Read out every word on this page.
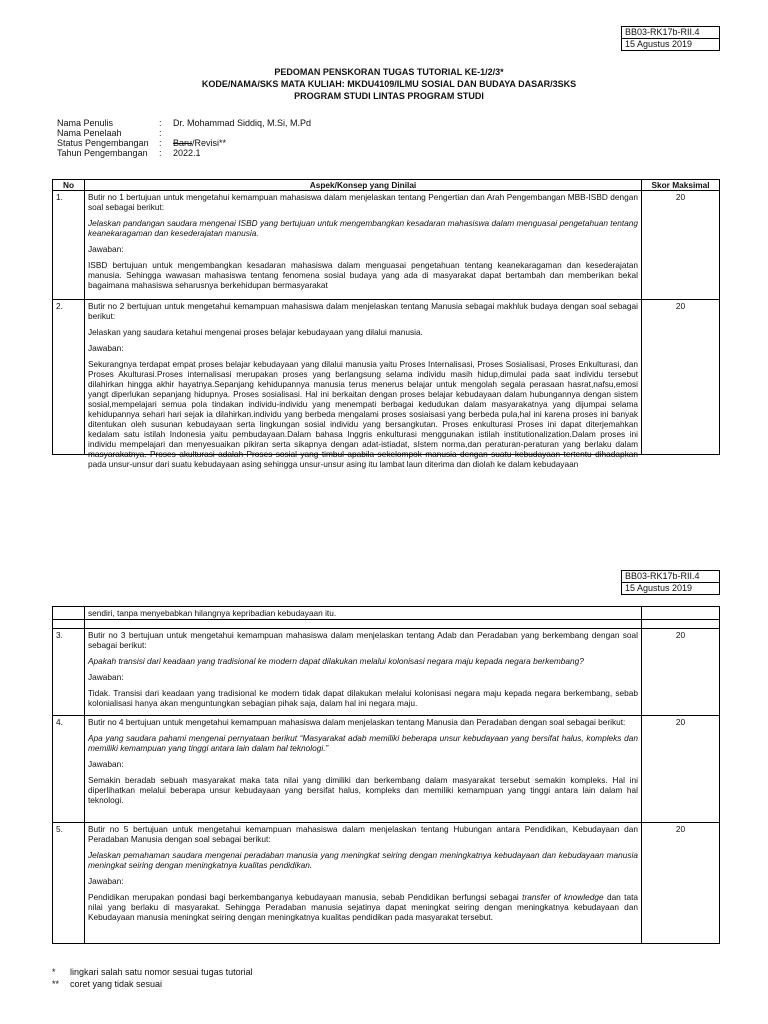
BB03-RK17b-RII.4
15 Agustus 2019
PEDOMAN PENSKORAN TUGAS TUTORIAL KE-1/2/3*
KODE/NAMA/SKS MATA KULIAH: MKDU4109/ILMU SOSIAL DAN BUDAYA DASAR/3SKS
PROGRAM STUDI LINTAS PROGRAM STUDI
Nama Penulis	:	Dr. Mohammad Siddiq, M.Si, M.Pd
Nama Penelaah	:
Status Pengembangan	:	Baru/Revisi**
Tahun Pengembangan	:	2022.1
No	Aspek/Konsep yang Dinilai	Skor Maksimal
1.	Butir no 1 bertujuan untuk mengetahui kemampuan mahasiswa dalam menjelaskan tentang Pengertian dan Arah Pengembangan MBB-ISBD dengan soal sebagai berikut:

Jelaskan pandangan saudara mengenai ISBD yang bertujuan untuk mengembangkan kesadaran mahasiswa dalam menguasai pengetahuan tentang keanekaragaman dan kesederajatan manusia.

Jawaban:

ISBD bertujuan untuk mengembangkan kesadaran mahasiswa dalam menguasai pengetahuan tentang keanekaragaman dan kesederajatan manusia. Sehingga wawasan mahasiswa tentang fenomena sosial budaya yang ada di masyarakat dapat bertambah dan memberikan bekal bagaimana mahasiswa seharusnya berkehidupan bermasyarakat	20
2.	Butir no 2 bertujuan untuk mengetahui kemampuan mahasiswa dalam menjelaskan tentang Manusia sebagai makhluk budaya dengan soal sebagai berikut:

Jelaskan yang saudara ketahui mengenai proses belajar kebudayaan yang dilalui manusia.

Jawaban:

Sekurangnya terdapat empat proses belajar kebudayaan yang dilalui manusia yaitu Proses Internalisasi, Proses Sosialisasi, Proses Enkulturasi, dan Proses Akulturasi.Proses internalisasi merupakan proses yang berlangsung selama individu masih hidup,dimulai pada saat individu tersebut dilahirkan hingga akhir hayatnya.Sepanjang kehidupannya manusia terus menerus belajar untuk mengolah segala perasaan hasrat,nafsu,emosi yangt diperlukan sepanjang hidupnya. Proses sosialisasi. Hal ini berkaitan dengan proses belajar kebudayaan dalam hubungannya dengan sistem sosial,mempelajari semua pola tindakan individu-individu yang menempati berbagai kedudukan dalam masyarakatnya yang dijumpai selama kehidupannya sehari hari sejak ia dilahirkan.individu yang berbeda mengalami proses sosiaisasi yang berbeda pula,hal ini karena proses ini banyak ditentukan oleh susunan kebudayaan serta lingkungan sosial individu yang bersangkutan. Proses enkulturasi Proses ini dapat diterjemahkan kedalam satu istilah Indonesia yaitu pembudayaan.Dalam bahasa Inggris enkulturasi menggunakan istilah institutionalization.Dalam proses ini individu mempelajari dan menyesuaikan pikiran serta sikapnya dengan adat-istiadat, sIstem norma,dan peraturan-peraturan yang berlaku dalam masyarakatnya. Proses akulturasi adalah Proses sosial yang timbul apabila sekelompok manusia dengan suatu kebudayaan tertentu dihadapkan pada unsur-unsur dari suatu kebudayaan asing sehingga unsur-unsur asing itu lambat laun diterima dan diolah ke dalam kebudayaan	20
BB03-RK17b-RII.4
15 Agustus 2019

	sendiri, tanpa menyebabkan hilangnya kepribadian kebudayaan itu.	

3.	Butir no 3 bertujuan untuk mengetahui kemampuan mahasiswa dalam menjelaskan tentang Adab dan Peradaban yang berkembang dengan soal sebagai berikut:

Apakah transisi dari keadaan yang tradisional ke modern dapat dilakukan melalui kolonisasi negara maju kepada negara berkembang?

Jawaban:

Tidak. Transisi dari keadaan yang tradisional ke modern tidak dapat dilakukan melalui kolonisasi negara maju kepada negara berkembang, sebab kolonialisasi hanya akan menguntungkan sebagian pihak saja, dalam hal ini negara maju.	20
4.	Butir no 4 bertujuan untuk mengetahui kemampuan mahasiswa dalam menjelaskan tentang Manusia dan Peradaban dengan soal sebagai berikut:

Apa yang saudara pahami mengenai pernyataan berikut “Masyarakat adab memiliki beberapa unsur kebudayaan yang bersifat halus, kompleks dan memiliki kemampuan yang tinggi antara lain dalam hal teknologi.”

Jawaban:

Semakin beradab sebuah masyarakat maka tata nilai yang dimiliki dan berkembang dalam masyarakat tersebut semakin kompleks. Hal ini diperlihatkan melalui beberapa unsur kebudayaan yang bersifat halus, kompleks dan memiliki kemampuan yang tinggi antara lain dalam hal teknologi.	20
5.	Butir no 5 bertujuan untuk mengetahui kemampuan mahasiswa dalam menjelaskan tentang Hubungan antara Pendidikan, Kebudayaan dan Peradaban Manusia dengan soal sebagai berikut:

Jelaskan pemahaman saudara mengenai peradaban manusia yang meningkat seiring dengan meningkatnya kebudayaan dan kebudayaan manusia meningkat seiring dengan meningkatnya kualitas pendidikan.

Jawaban:

Pendidikan merupakan pondasi bagi berkembanganya kebudayaan manusia, sebab Pendidikan berfungsi sebagai transfer of knowledge dan tata nilai yang berlaku di masyarakat. Sehingga Peradaban manusia sejatinya dapat meningkat seiring dengan meningkatnya kebudayaan dan Kebudayaan manusia meningkat seiring dengan meningkatnya kualitas pendidikan pada masyarakat tersebut.	20
* lingkari salah satu nomor sesuai tugas tutorial
** coret yang tidak sesuai
